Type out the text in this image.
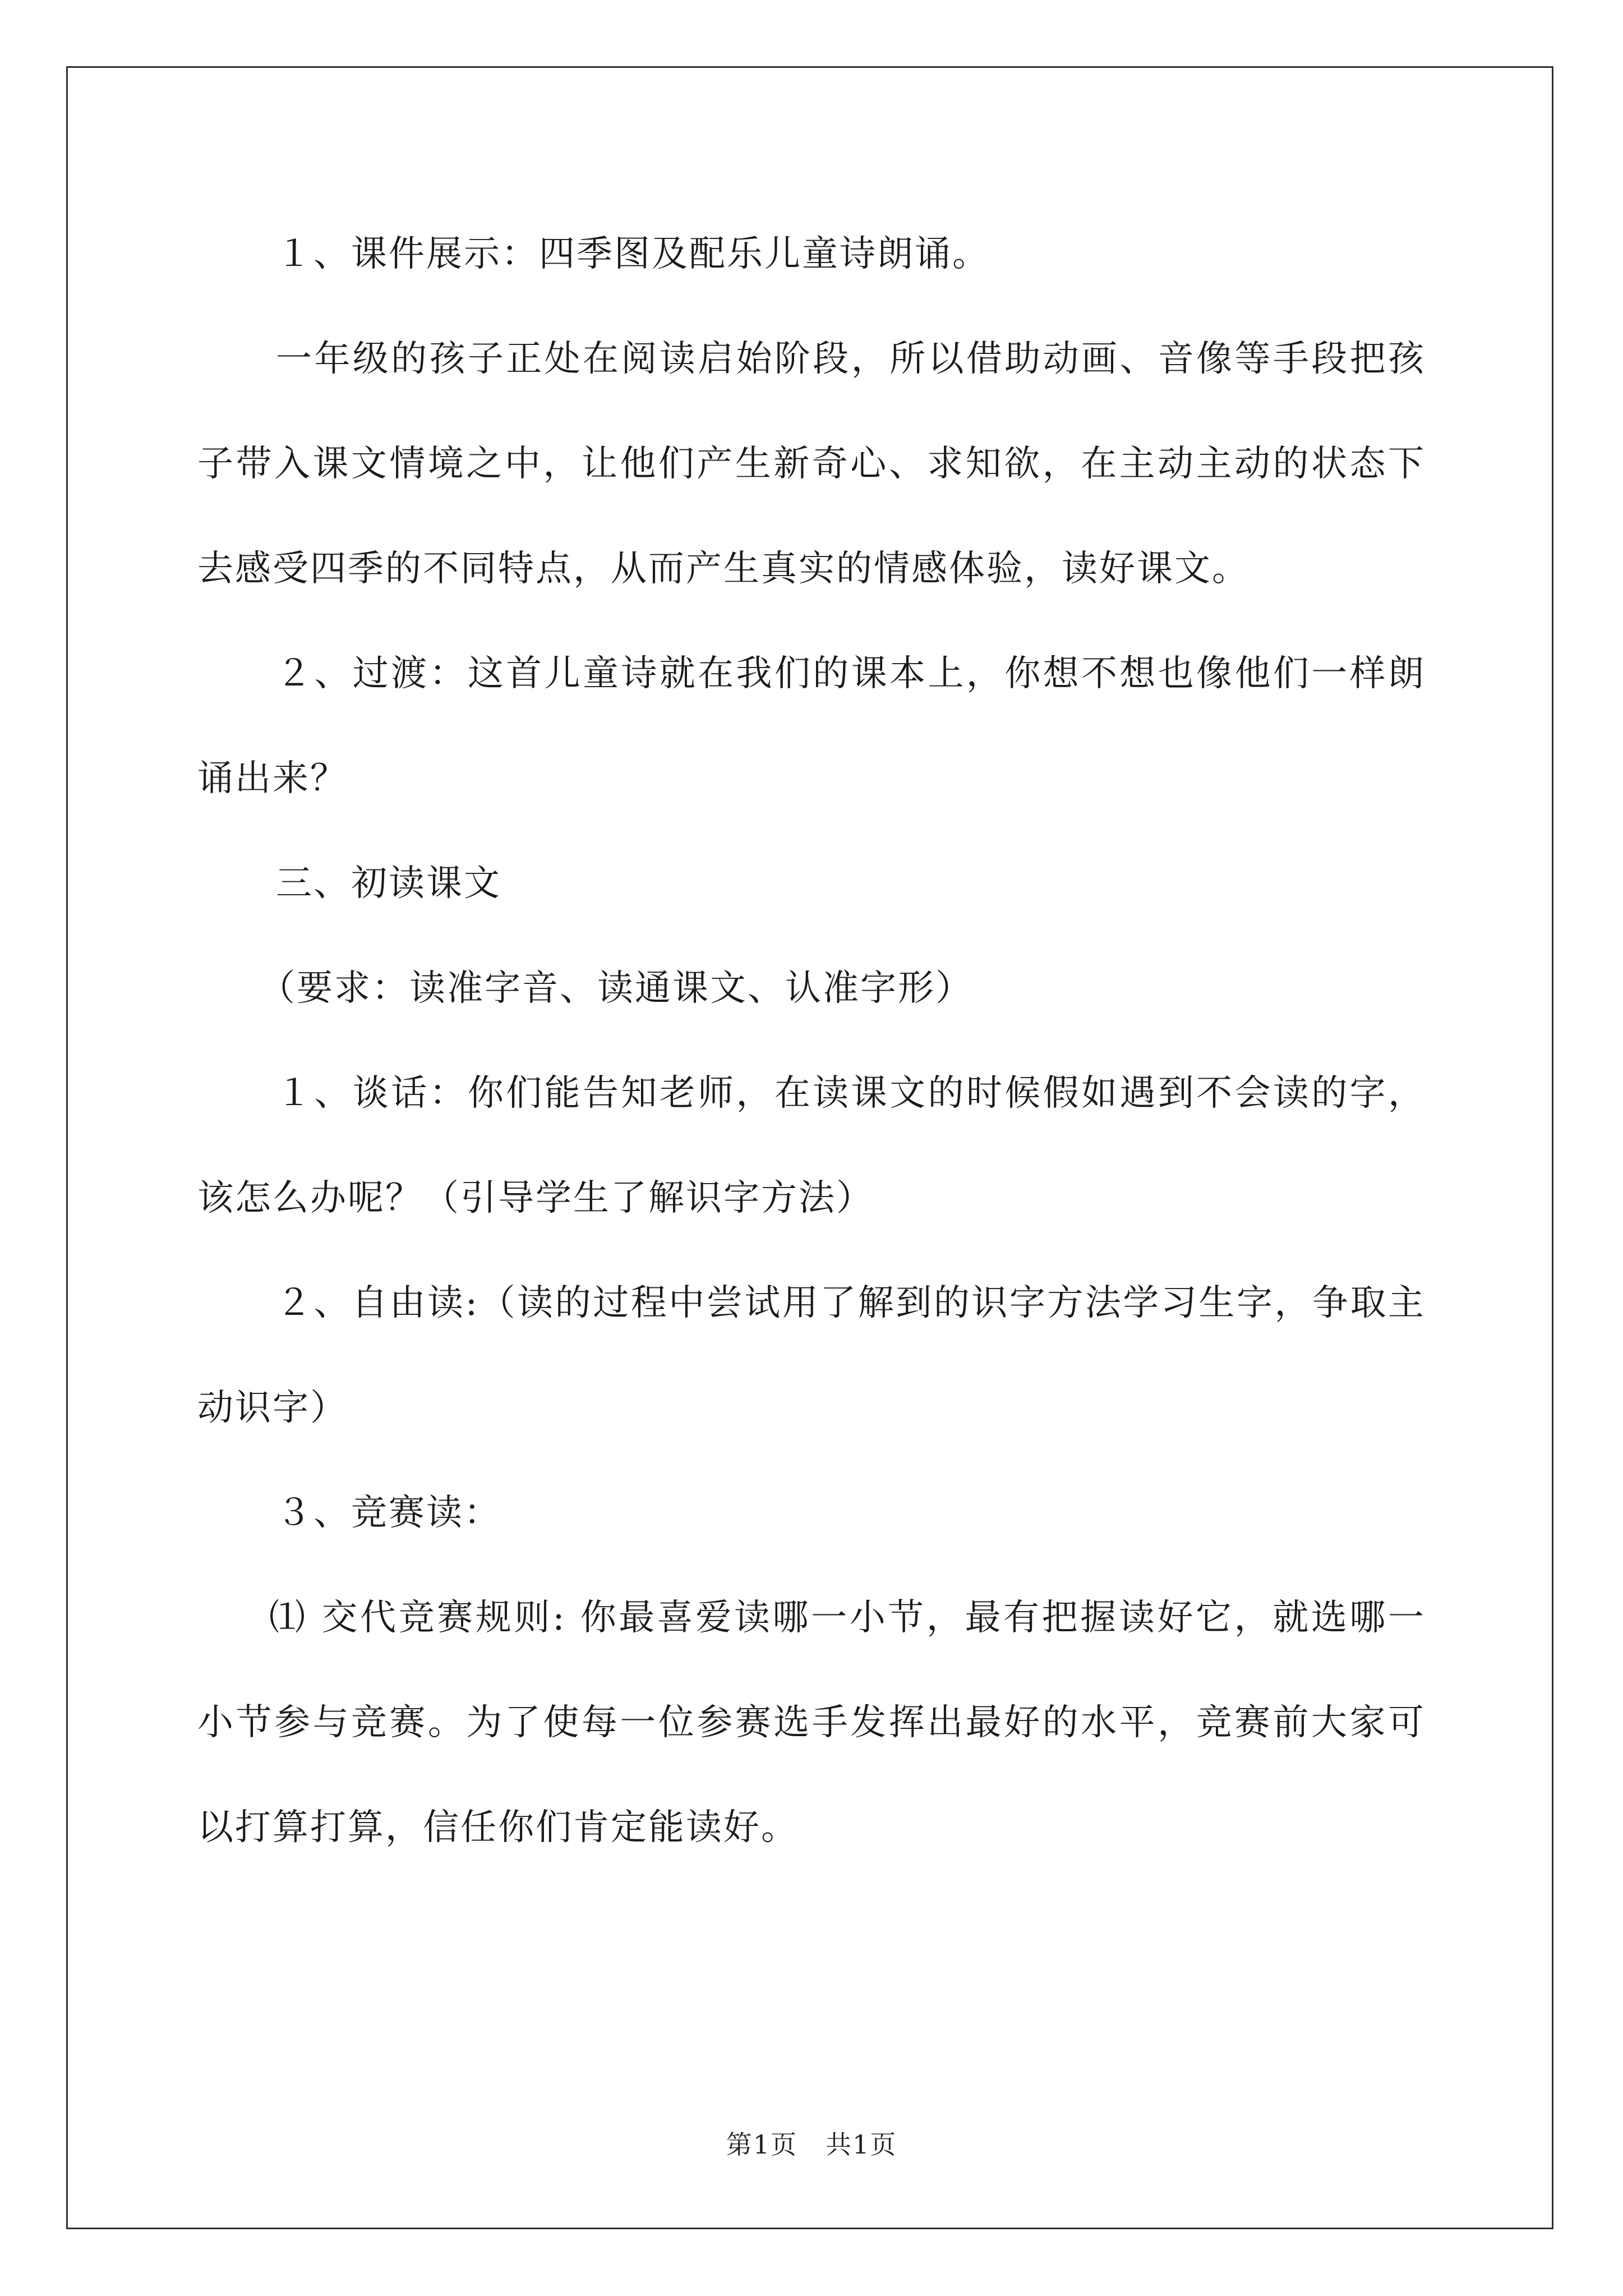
１、课件展示：四季图及配乐儿童诗朗诵。

一年级的孩子正处在阅读启始阶段，所以借助动画、音像等手段把孩子带入课文情境之中，让他们产生新奇心、求知欲，在主动主动的状态下去感受四季的不同特点，从而产生真实的情感体验，读好课文。

２、过渡：这首儿童诗就在我们的课本上，你想不想也像他们一样朗诵出来？

三、初读课文

（要求：读准字音、读通课文、认准字形）

１、谈话：你们能告知老师，在读课文的时候假如遇到不会读的字，该怎么办呢？（引导学生了解识字方法）

２、自由读:（读的过程中尝试用了解到的识字方法学习生字，争取主动识字）

３、竞赛读：

⑴ 交代竞赛规则: 你最喜爱读哪一小节，最有把握读好它，就选哪一小节参与竞赛。为了使每一位参赛选手发挥出最好的水平，竞赛前大家可以打算打算，信任你们肯定能读好。

第1页 共1页
